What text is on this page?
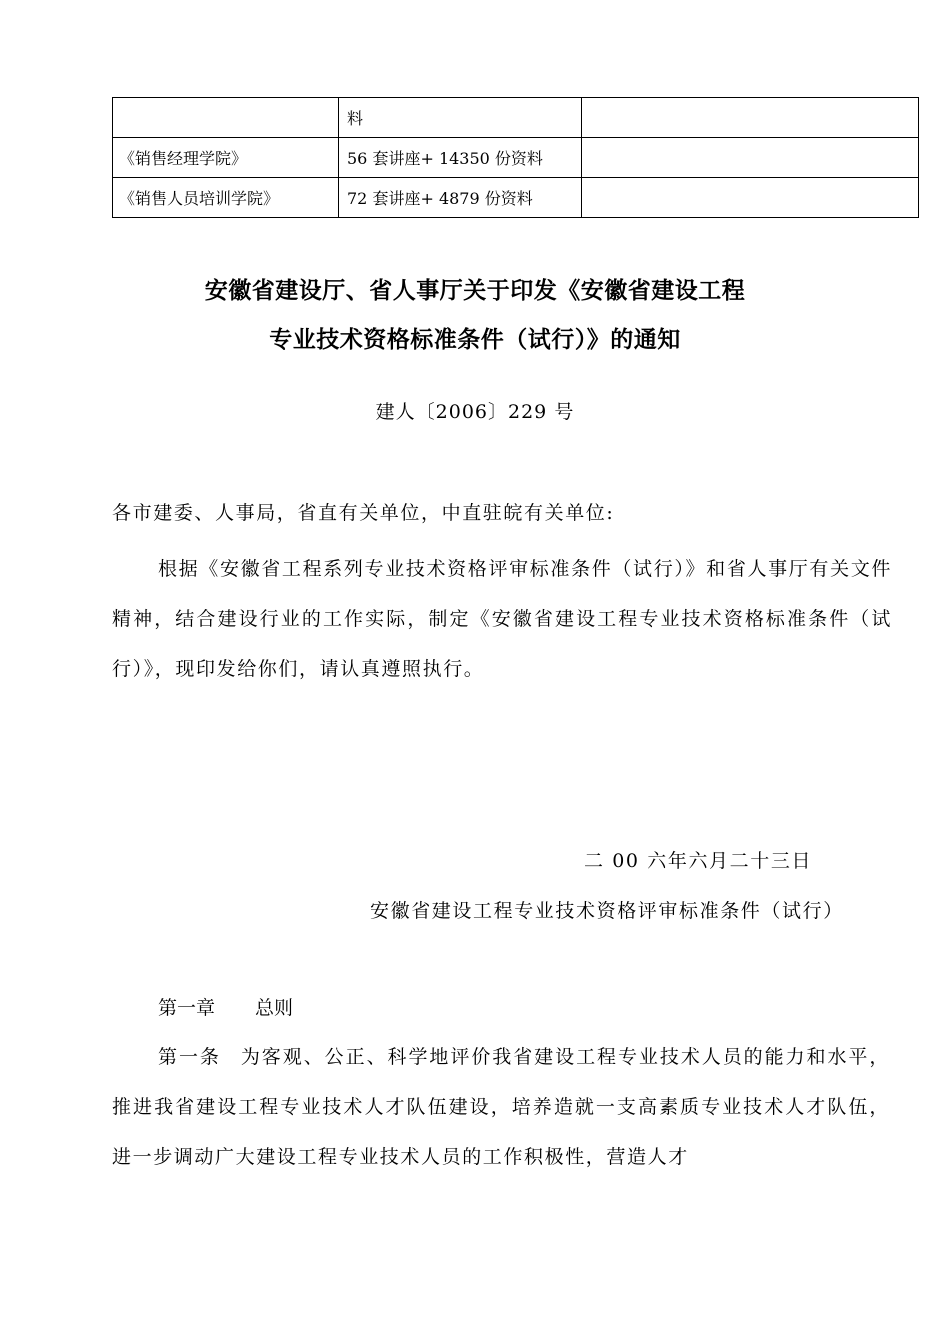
	料	
《销售经理学院》	56 套讲座+ 14350 份资料	
《销售人员培训学院》	72 套讲座+ 4879 份资料	
安徽省建设厅、省人事厅关于印发《安徽省建设工程
专业技术资格标准条件（试行）》的通知
建人〔2006〕229 号
各市建委、人事局，省直有关单位，中直驻皖有关单位:
根据《安徽省工程系列专业技术资格评审标准条件（试行）》和省人事厅有关文件精神，结合建设行业的工作实际，制定《安徽省建设工程专业技术资格标准条件（试行）》，现印发给你们，请认真遵照执行。
二 00 六年六月二十三日
安徽省建设工程专业技术资格评审标准条件（试行）
第一章 总则
第一条 为客观、公正、科学地评价我省建设工程专业技术人员的能力和水平，推进我省建设工程专业技术人才队伍建设，培养造就一支高素质专业技术人才队伍，进一步调动广大建设工程专业技术人员的工作积极性，营造人才
